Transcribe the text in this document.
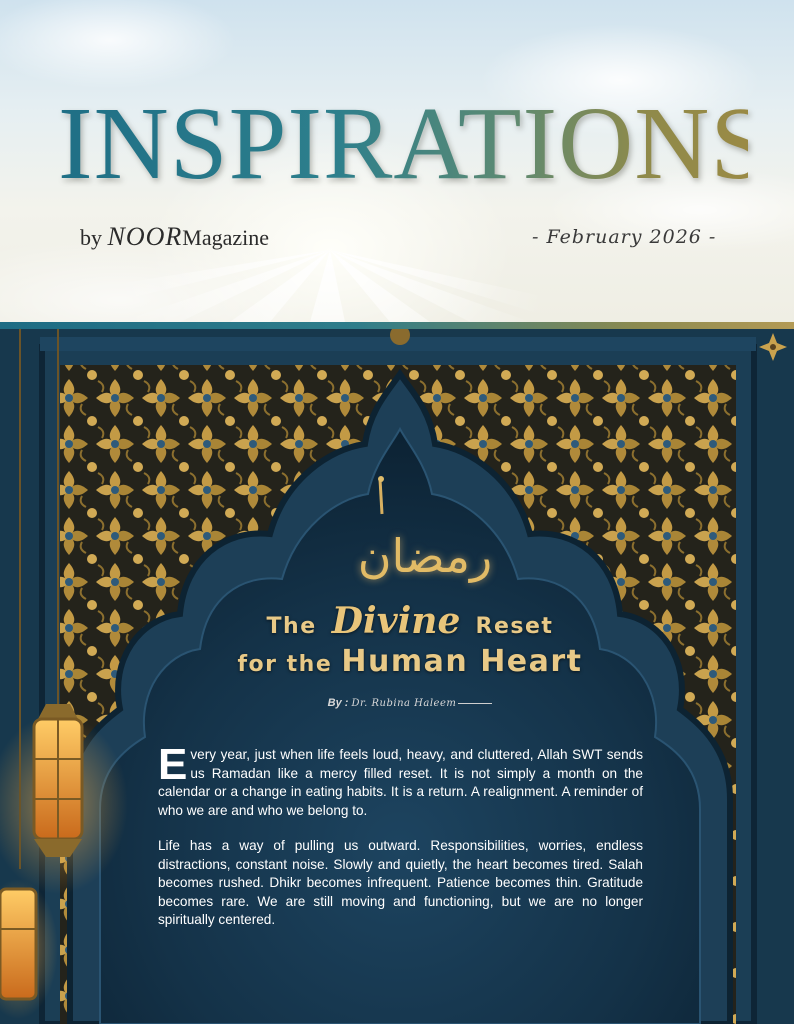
INSPIRATIONS
by NOORMagazine	- February 2026 -
رمضان
The Divine Reset
for the Human Heart
By : Dr. Rubina Haleem

Every year, just when life feels loud, heavy, and cluttered, Allah SWT sends us Ramadan like a mercy filled reset. It is not simply a month on the calendar or a change in eating habits. It is a return. A realignment. A reminder of who we are and who we belong to.

Life has a way of pulling us outward. Responsibilities, worries, endless distractions, constant noise. Slowly and quietly, the heart becomes tired. Salah becomes rushed. Dhikr becomes infrequent. Patience becomes thin. Gratitude becomes rare. We are still moving and functioning, but we are no longer spiritually centered.
